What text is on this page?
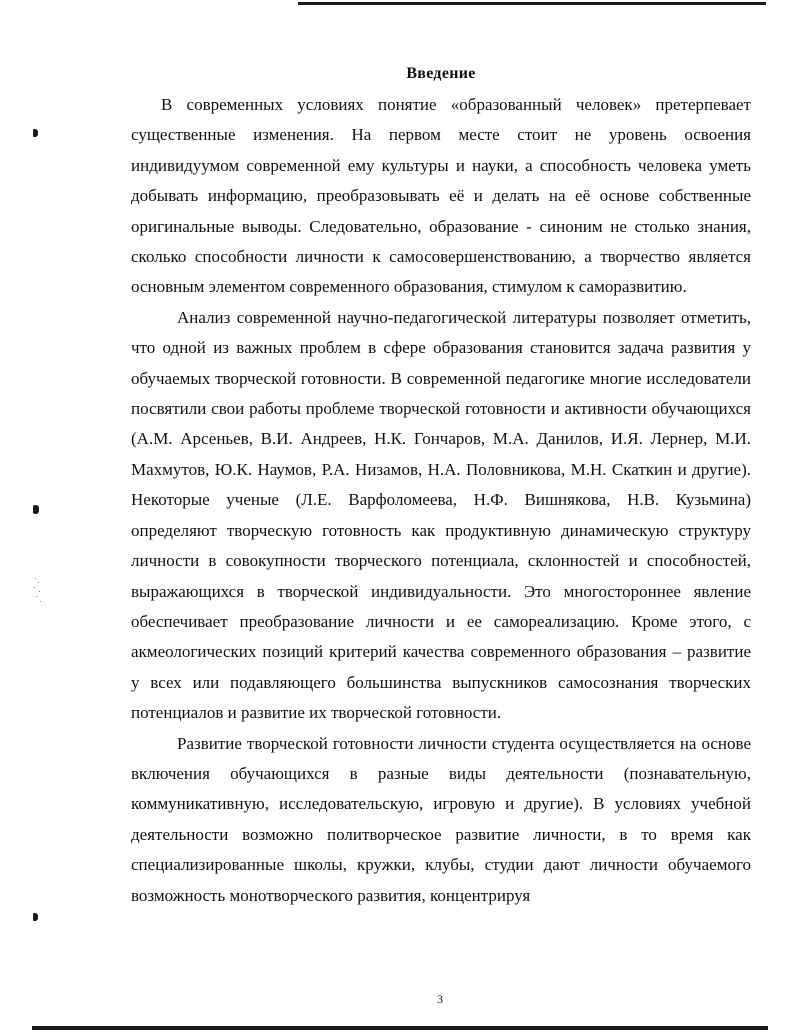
Введение

В современных условиях понятие «образованный человек» претерпевает существенные изменения. На первом месте стоит не уровень освоения индивидуумом современной ему культуры и науки, а способность человека уметь добывать информацию, преобразовывать её и делать на её основе собственные оригинальные выводы. Следовательно, образование - синоним не столько знания, сколько способности личности к самосовершенствованию, а творчество является основным элементом современного образования, стимулом к саморазвитию.

Анализ современной научно-педагогической литературы позволяет отметить, что одной из важных проблем в сфере образования становится задача развития у обучаемых творческой готовности. В современной педагогике многие исследователи посвятили свои работы проблеме творческой готовности и активности обучающихся (А.М. Арсеньев, В.И. Андреев, Н.К. Гончаров, М.А. Данилов, И.Я. Лернер, М.И. Махмутов, Ю.К. Наумов, Р.А. Низамов, Н.А. Половникова, М.Н. Скаткин и другие). Некоторые ученые (Л.Е. Варфоломеева, Н.Ф. Вишнякова, Н.В. Кузьмина) определяют творческую готовность как продуктивную динамическую структуру личности в совокупности творческого потенциала, склонностей и способностей, выражающихся в творческой индивидуальности. Это многостороннее явление обеспечивает преобразование личности и ее самореализацию. Кроме этого, с акмеологических позиций критерий качества современного образования – развитие у всех или подавляющего большинства выпускников самосознания творческих потенциалов и развитие их творческой готовности.

Развитие творческой готовности личности студента осуществляется на основе включения обучающихся в разные виды деятельности (познавательную, коммуникативную, исследовательскую, игровую и другие). В условиях учебной деятельности возможно политворческое развитие личности, в то время как специализированные школы, кружки, клубы, студии дают личности обучаемого возможность монотворческого развития, концентрируя

3
